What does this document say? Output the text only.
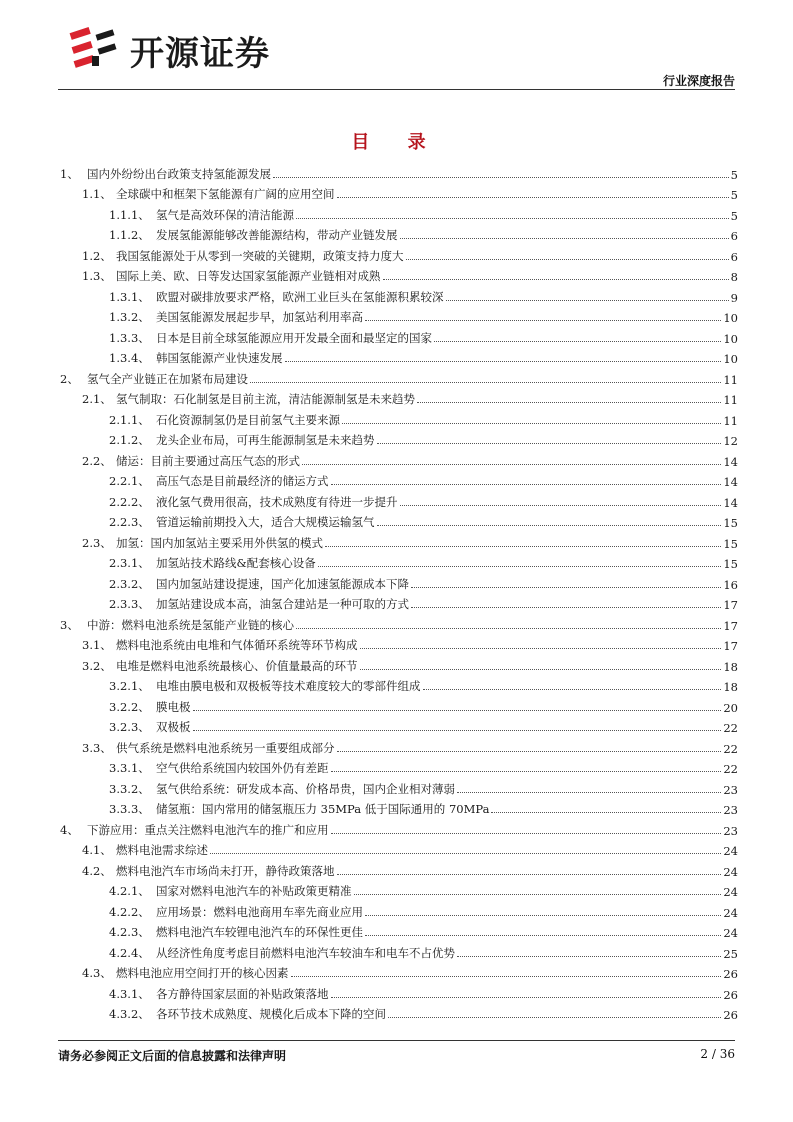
开源证券
行业深度报告
目 录
1、 国内外纷纷出台政策支持氢能源发展	5
1.1、 全球碳中和框架下氢能源有广阔的应用空间	5
1.1.1、 氢气是高效环保的清洁能源	5
1.1.2、 发展氢能源能够改善能源结构，带动产业链发展	6
1.2、 我国氢能源处于从零到一突破的关键期，政策支持力度大	6
1.3、 国际上美、欧、日等发达国家氢能源产业链相对成熟	8
1.3.1、 欧盟对碳排放要求严格，欧洲工业巨头在氢能源积累较深	9
1.3.2、 美国氢能源发展起步早，加氢站利用率高	10
1.3.3、 日本是目前全球氢能源应用开发最全面和最坚定的国家	10
1.3.4、 韩国氢能源产业快速发展	10
2、 氢气全产业链正在加紧布局建设	11
2.1、 氢气制取：石化制氢是目前主流，清洁能源制氢是未来趋势	11
2.1.1、 石化资源制氢仍是目前氢气主要来源	11
2.1.2、 龙头企业布局，可再生能源制氢是未来趋势	12
2.2、 储运：目前主要通过高压气态的形式	14
2.2.1、 高压气态是目前最经济的储运方式	14
2.2.2、 液化氢气费用很高，技术成熟度有待进一步提升	14
2.2.3、 管道运输前期投入大，适合大规模运输氢气	15
2.3、 加氢：国内加氢站主要采用外供氢的模式	15
2.3.1、 加氢站技术路线&配套核心设备	15
2.3.2、 国内加氢站建设提速，国产化加速氢能源成本下降	16
2.3.3、 加氢站建设成本高，油氢合建站是一种可取的方式	17
3、 中游：燃料电池系统是氢能产业链的核心	17
3.1、 燃料电池系统由电堆和气体循环系统等环节构成	17
3.2、 电堆是燃料电池系统最核心、价值量最高的环节	18
3.2.1、 电堆由膜电极和双极板等技术难度较大的零部件组成	18
3.2.2、 膜电极	20
3.2.3、 双极板	22
3.3、 供气系统是燃料电池系统另一重要组成部分	22
3.3.1、 空气供给系统国内较国外仍有差距	22
3.3.2、 氢气供给系统：研发成本高、价格昂贵，国内企业相对薄弱	23
3.3.3、 储氢瓶：国内常用的储氢瓶压力 35MPa 低于国际通用的 70MPa	23
4、 下游应用：重点关注燃料电池汽车的推广和应用	23
4.1、 燃料电池需求综述	24
4.2、 燃料电池汽车市场尚未打开，静待政策落地	24
4.2.1、 国家对燃料电池汽车的补贴政策更精准	24
4.2.2、 应用场景：燃料电池商用车率先商业应用	24
4.2.3、 燃料电池汽车较锂电池汽车的环保性更佳	24
4.2.4、 从经济性角度考虑目前燃料电池汽车较油车和电车不占优势	25
4.3、 燃料电池应用空间打开的核心因素	26
4.3.1、 各方静待国家层面的补贴政策落地	26
4.3.2、 各环节技术成熟度、规模化后成本下降的空间	26
请务必参阅正文后面的信息披露和法律声明	2 / 36
